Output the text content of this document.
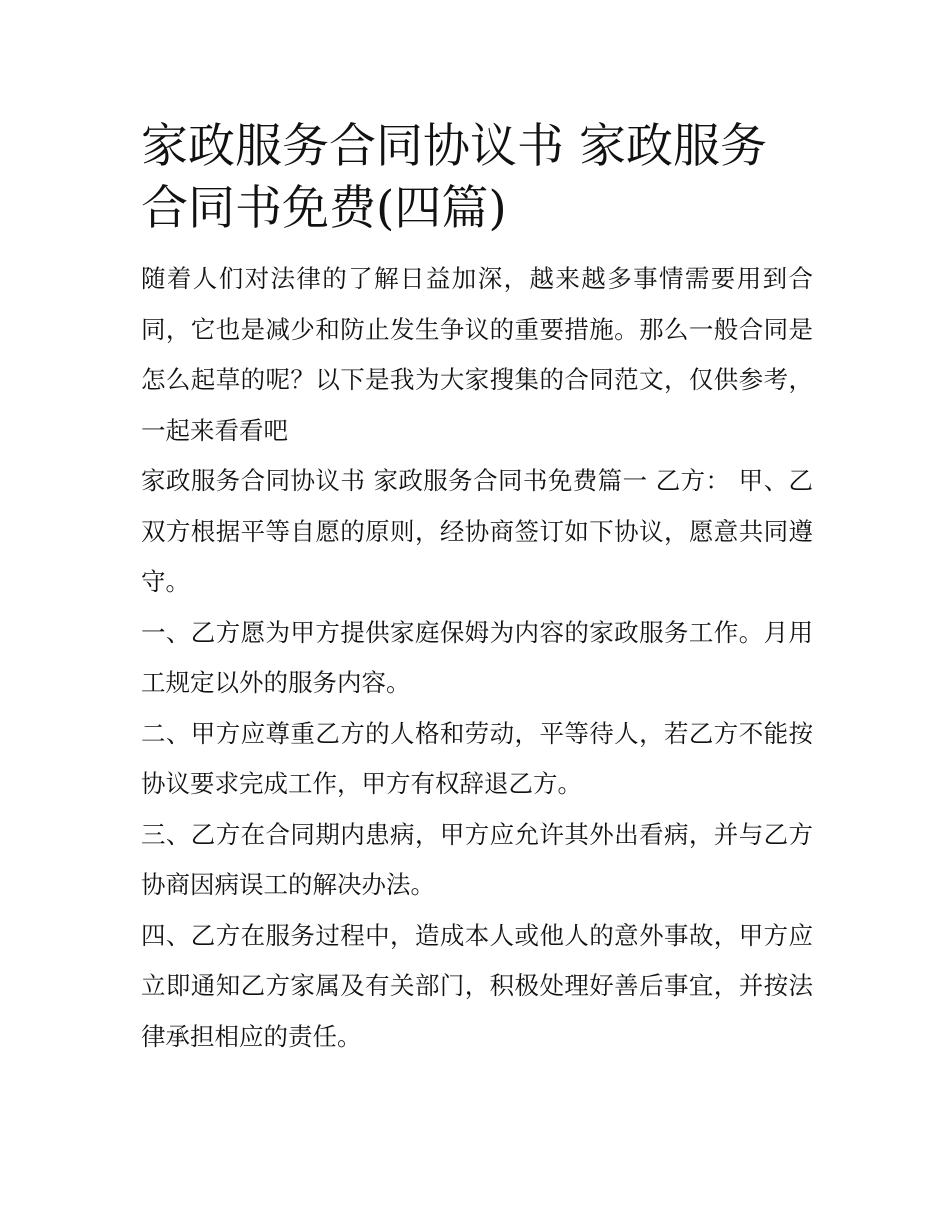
家政服务合同协议书 家政服务合同书免费(四篇)

随着人们对法律的了解日益加深，越来越多事情需要用到合同，它也是减少和防止发生争议的重要措施。那么一般合同是怎么起草的呢？以下是我为大家搜集的合同范文，仅供参考，一起来看看吧

家政服务合同协议书 家政服务合同书免费篇一 乙方： 甲、乙双方根据平等自愿的原则，经协商签订如下协议，愿意共同遵守。

一、乙方愿为甲方提供家庭保姆为内容的家政服务工作。月用工规定以外的服务内容。

二、甲方应尊重乙方的人格和劳动，平等待人，若乙方不能按协议要求完成工作，甲方有权辞退乙方。

三、乙方在合同期内患病，甲方应允许其外出看病，并与乙方协商因病误工的解决办法。

四、乙方在服务过程中，造成本人或他人的意外事故，甲方应立即通知乙方家属及有关部门，积极处理好善后事宜，并按法律承担相应的责任。
